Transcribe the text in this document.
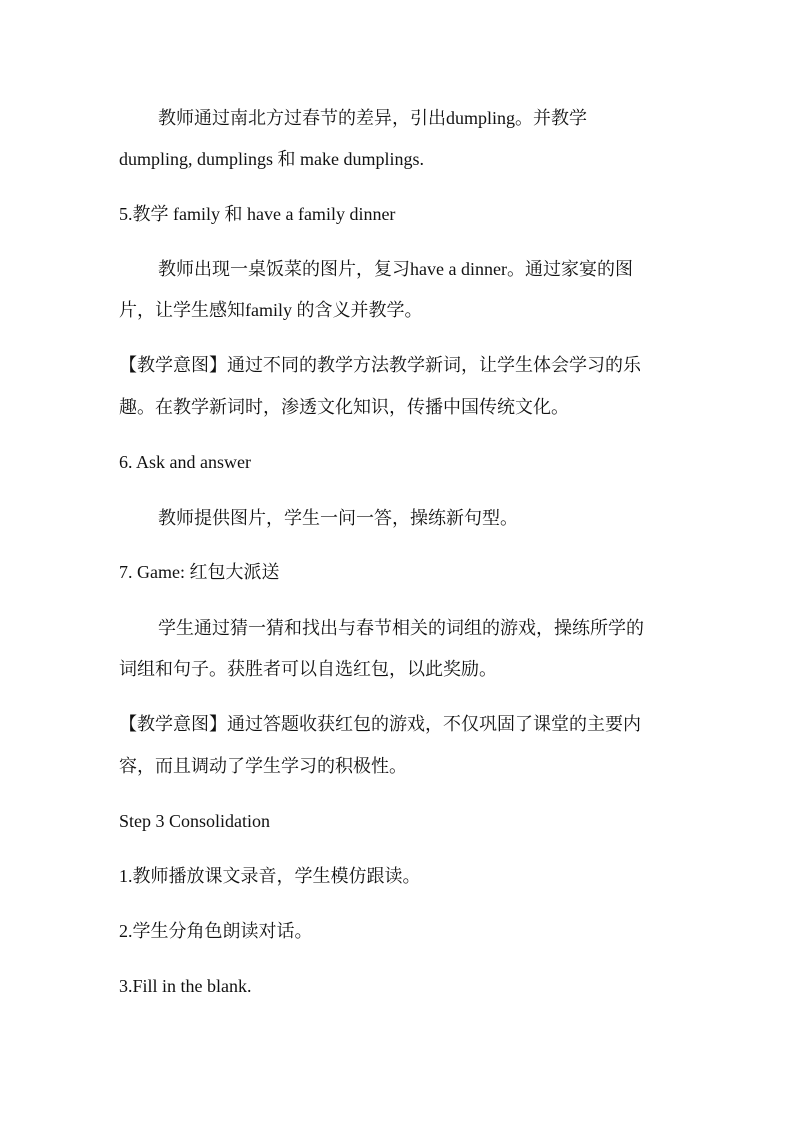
教师通过南北方过春节的差异，引出dumpling。并教学
dumpling, dumplings 和 make dumplings.
5.教学 family 和 have a family dinner
教师出现一桌饭菜的图片，复习have a dinner。通过家宴的图
片，让学生感知family 的含义并教学。
【教学意图】通过不同的教学方法教学新词，让学生体会学习的乐
趣。在教学新词时，渗透文化知识，传播中国传统文化。
6. Ask and answer
教师提供图片，学生一问一答，操练新句型。
7. Game: 红包大派送
学生通过猜一猜和找出与春节相关的词组的游戏，操练所学的
词组和句子。获胜者可以自选红包，以此奖励。
【教学意图】通过答题收获红包的游戏，不仅巩固了课堂的主要内
容，而且调动了学生学习的积极性。
Step 3 Consolidation
1.教师播放课文录音，学生模仿跟读。
2.学生分角色朗读对话。
3.Fill in the blank.
